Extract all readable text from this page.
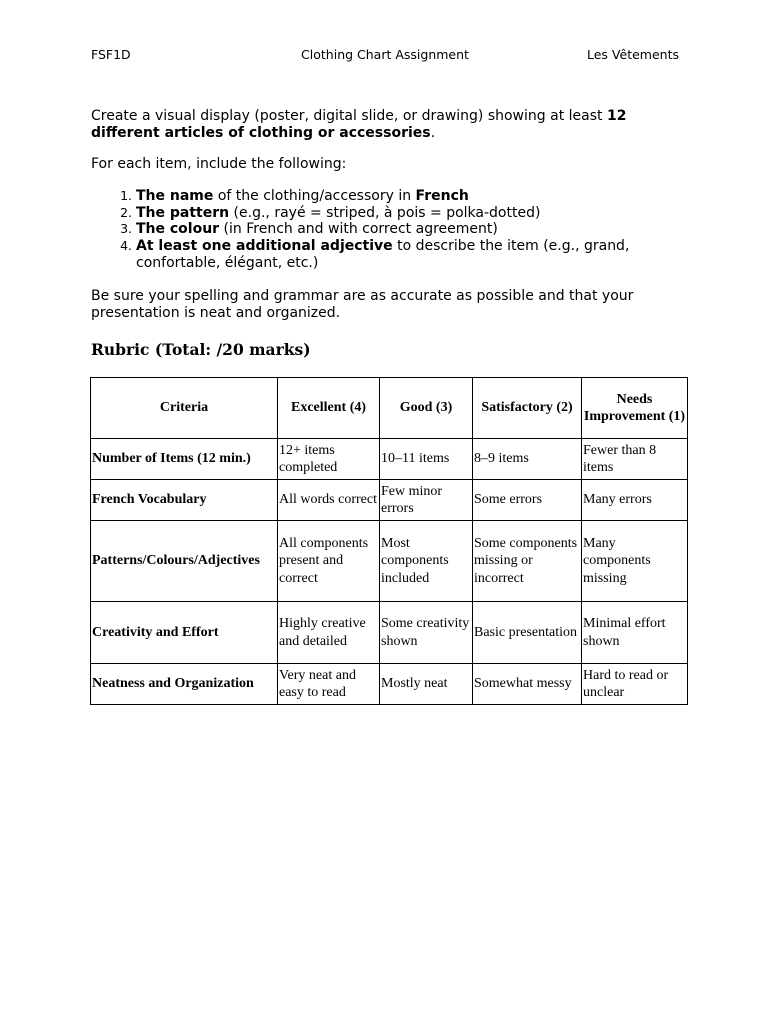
FSF1D	Clothing Chart Assignment	Les Vêtements
Create a visual display (poster, digital slide, or drawing) showing at least 12 different articles of clothing or accessories.
For each item, include the following:
1. The name of the clothing/accessory in French
2. The pattern (e.g., rayé = striped, à pois = polka-dotted)
3. The colour (in French and with correct agreement)
4. At least one additional adjective to describe the item (e.g., grand, confortable, élégant, etc.)
Be sure your spelling and grammar are as accurate as possible and that your presentation is neat and organized.
Rubric (Total: /20 marks)
Criteria	Excellent (4)	Good (3)	Satisfactory (2)	Needs Improvement (1)
Number of Items (12 min.)	12+ items completed	10–11 items	8–9 items	Fewer than 8 items
French Vocabulary	All words correct	Few minor errors	Some errors	Many errors
Patterns/Colours/Adjectives	All components present and correct	Most components included	Some components missing or incorrect	Many components missing
Creativity and Effort	Highly creative and detailed	Some creativity shown	Basic presentation	Minimal effort shown
Neatness and Organization	Very neat and easy to read	Mostly neat	Somewhat messy	Hard to read or unclear
